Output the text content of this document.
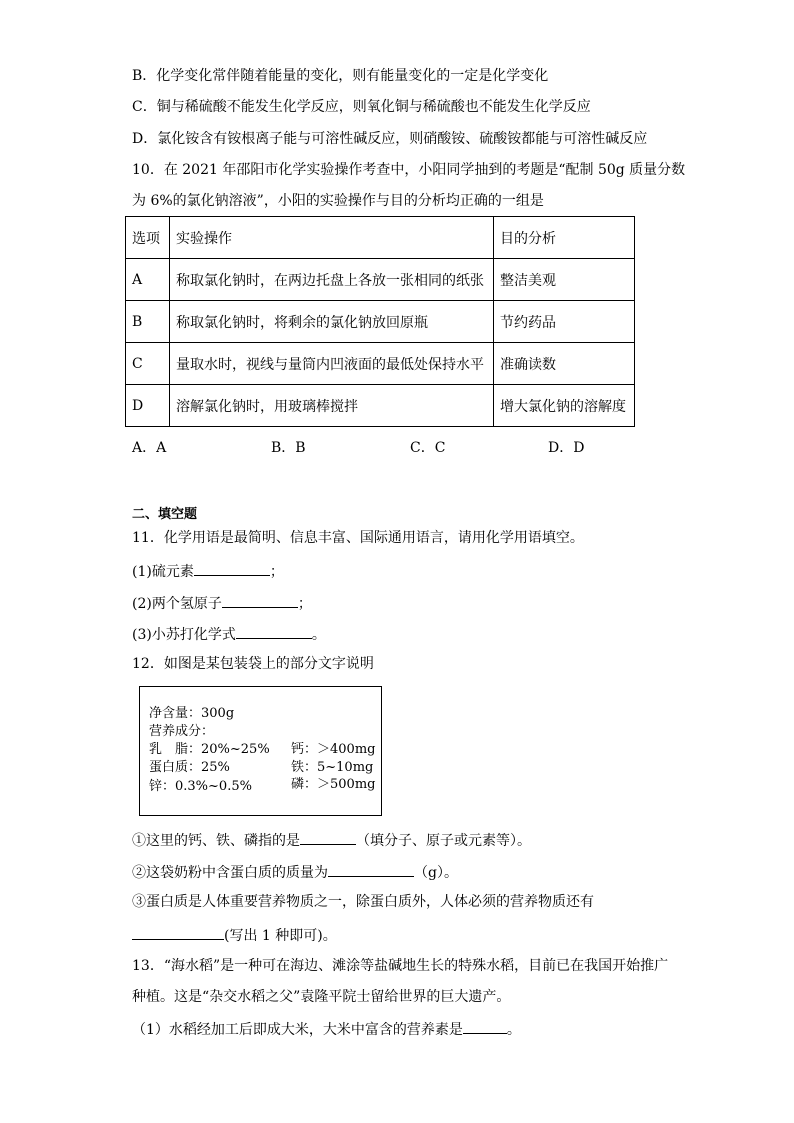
B．化学变化常伴随着能量的变化，则有能量变化的一定是化学变化
C．铜与稀硫酸不能发生化学反应，则氧化铜与稀硫酸也不能发生化学反应
D．氯化铵含有铵根离子能与可溶性碱反应，则硝酸铵、硫酸铵都能与可溶性碱反应
10．在 2021 年邵阳市化学实验操作考查中，小阳同学抽到的考题是“配制 50g 质量分数
为 6%的氯化钠溶液”，小阳的实验操作与目的分析均正确的一组是
选项	实验操作	目的分析
A	称取氯化钠时，在两边托盘上各放一张相同的纸张	整洁美观
B	称取氯化钠时，将剩余的氯化钠放回原瓶	节约药品
C	量取水时，视线与量筒内凹液面的最低处保持水平	准确读数
D	溶解氯化钠时，用玻璃棒搅拌	增大氯化钠的溶解度
A．A	B．B	C．C	D．D
二、填空题
11．化学用语是最简明、信息丰富、国际通用语言，请用化学用语填空。
(1)硫元素	；
(2)两个氢原子	；
(3)小苏打化学式	。
12．如图是某包装袋上的部分文字说明
净含量：300g
营养成分：
乳　脂：20%~25% 钙：＞400mg
蛋白质：25%	铁：5~10mg
锌：0.3%~0.5%	磷：＞500mg
①这里的钙、铁、磷指的是	（填分子、原子或元素等）。
②这袋奶粉中含蛋白质的质量为	（g）。
③蛋白质是人体重要营养物质之一，除蛋白质外，人体必须的营养物质还有
(写出 1 种即可)。
13．“海水稻”是一种可在海边、滩涂等盐碱地生长的特殊水稻，目前已在我国开始推广
种植。这是“杂交水稻之父”袁隆平院士留给世界的巨大遗产。
（1）水稻经加工后即成大米，大米中富含的营养素是	。
